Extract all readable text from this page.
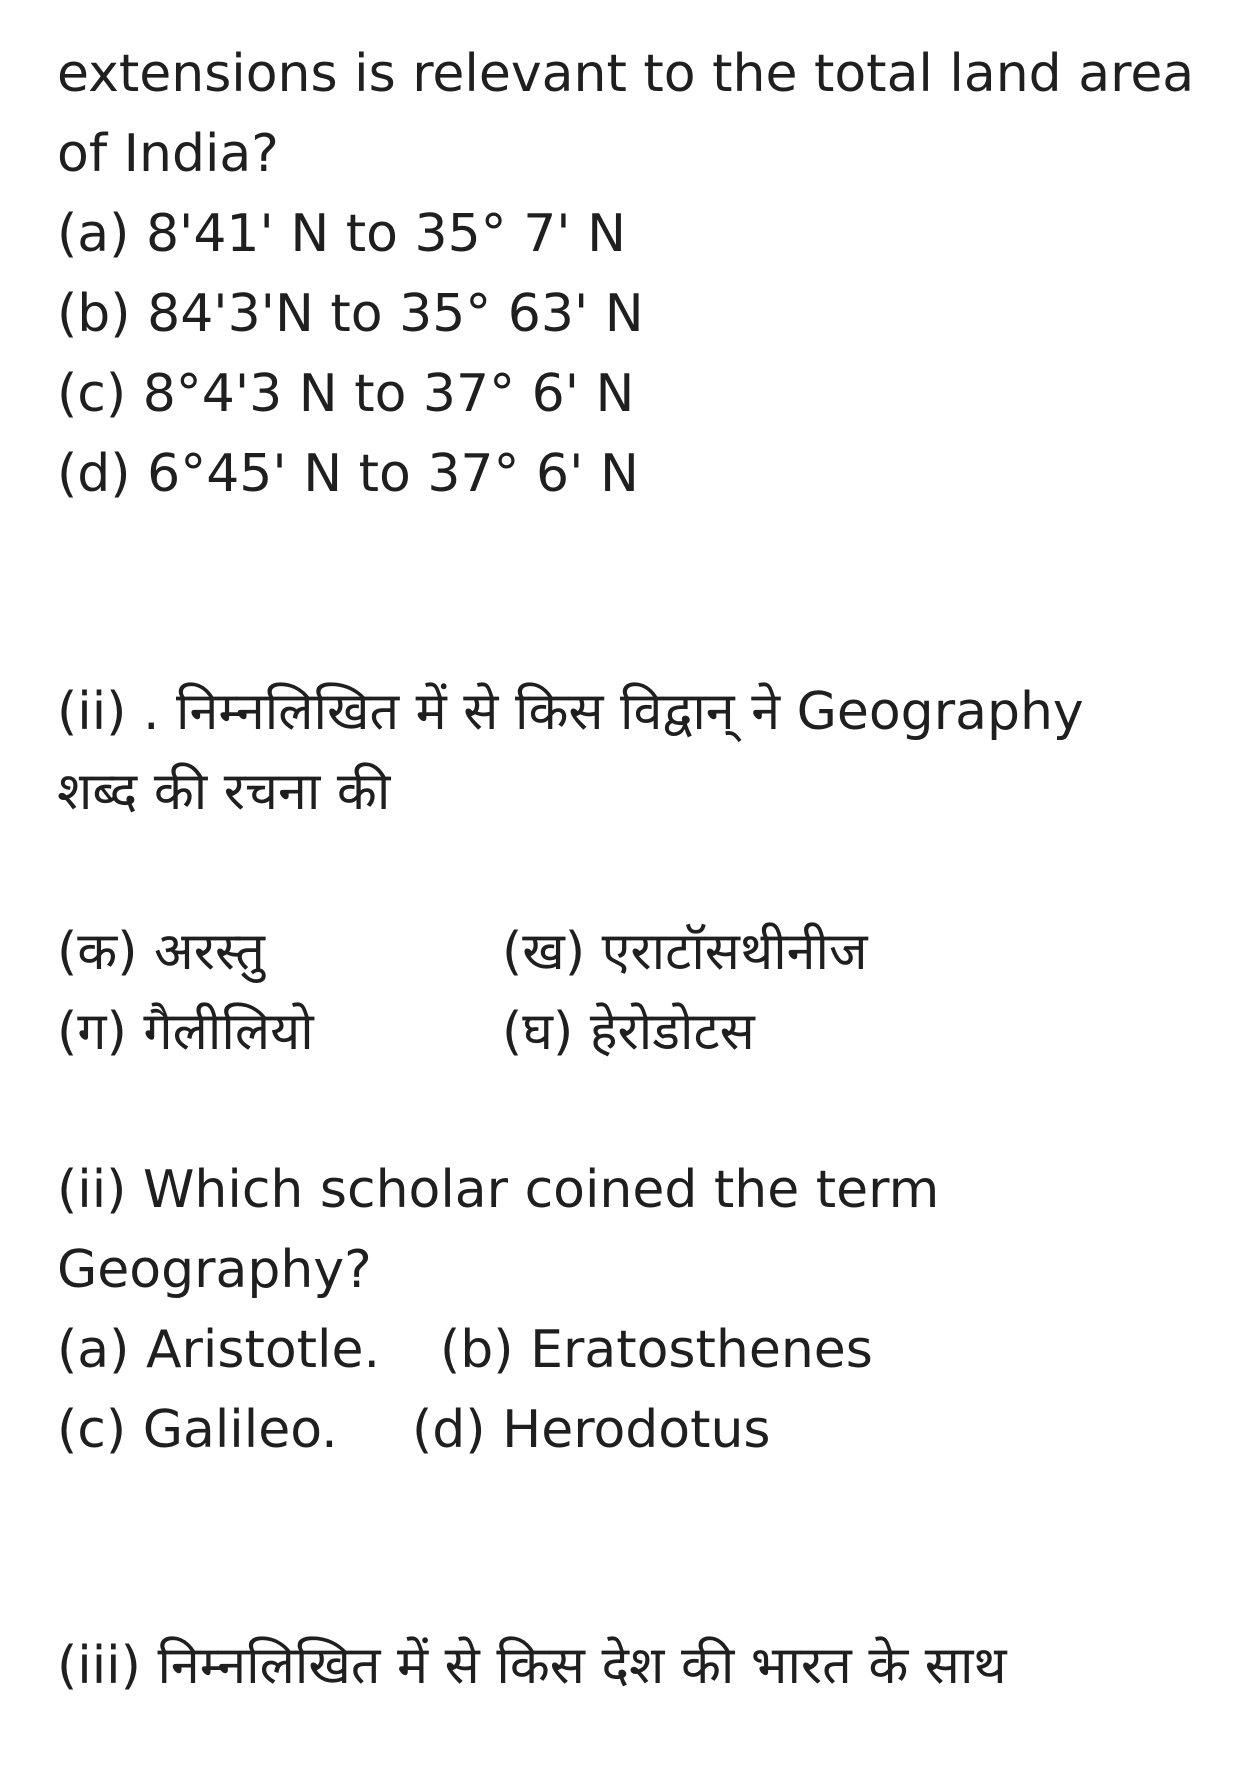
extensions is relevant to the total land area
of India?
(a) 8'41' N to 35° 7' N
(b) 84'3'N to 35° 63' N
(c) 8°4'3 N to 37° 6' N
(d) 6°45' N to 37° 6' N
(ii) . निम्नलिखित में से किस विद्वान् ने Geography
शब्द की रचना की
(क) अरस्तु	(ख) एराटॉसथीनीज
(ग) गैलीलियो	(घ) हेरोडोटस
(ii) Which scholar coined the term
Geography?
(a) Aristotle. (b) Eratosthenes
(c) Galileo. (d) Herodotus
(iii) निम्नलिखित में से किस देश की भारत के साथ
